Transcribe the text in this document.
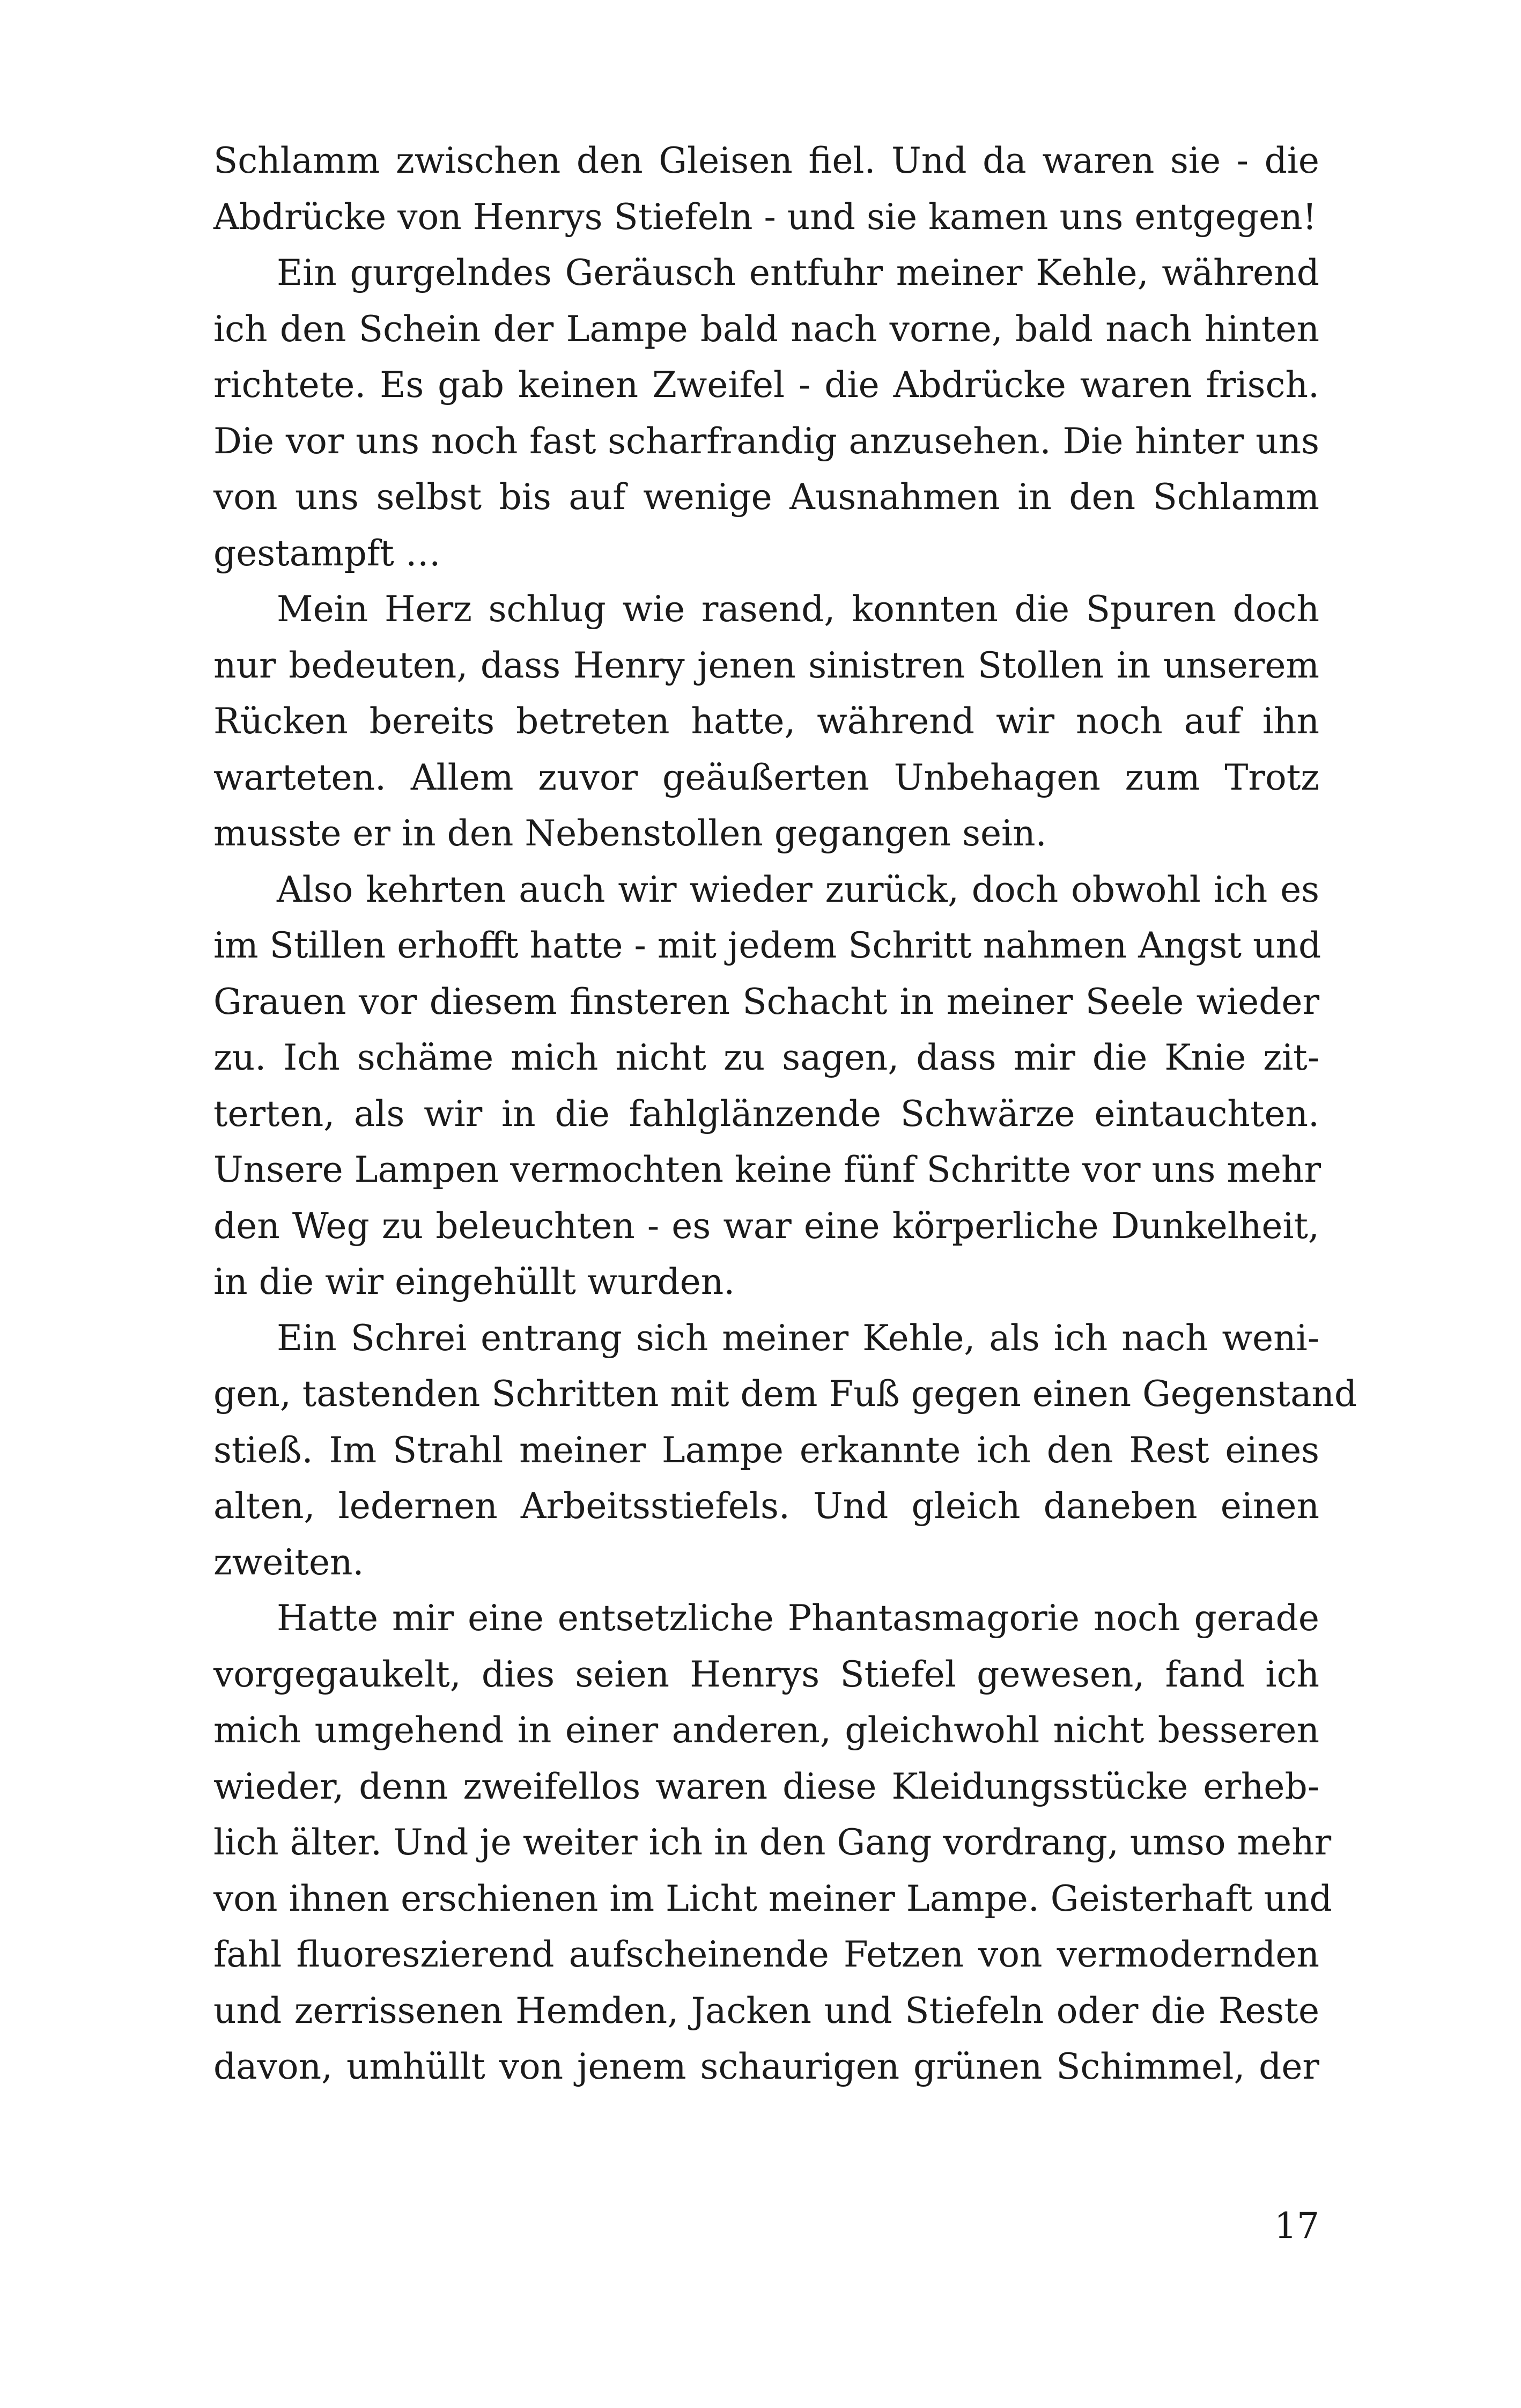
Schlamm zwischen den Gleisen fiel. Und da waren sie - die
Abdrücke von Henrys Stiefeln - und sie kamen uns entgegen!
Ein gurgelndes Geräusch entfuhr meiner Kehle, während
ich den Schein der Lampe bald nach vorne, bald nach hinten
richtete. Es gab keinen Zweifel - die Abdrücke waren frisch.
Die vor uns noch fast scharfrandig anzusehen. Die hinter uns
von uns selbst bis auf wenige Ausnahmen in den Schlamm
gestampft …
Mein Herz schlug wie rasend, konnten die Spuren doch
nur bedeuten, dass Henry jenen sinistren Stollen in unserem
Rücken bereits betreten hatte, während wir noch auf ihn
warteten. Allem zuvor geäußerten Unbehagen zum Trotz
musste er in den Nebenstollen gegangen sein.
Also kehrten auch wir wieder zurück, doch obwohl ich es
im Stillen erhofft hatte - mit jedem Schritt nahmen Angst und
Grauen vor diesem finsteren Schacht in meiner Seele wieder
zu. Ich schäme mich nicht zu sagen, dass mir die Knie zit-
terten, als wir in die fahlglänzende Schwärze eintauchten.
Unsere Lampen vermochten keine fünf Schritte vor uns mehr
den Weg zu beleuchten - es war eine körperliche Dunkelheit,
in die wir eingehüllt wurden.
Ein Schrei entrang sich meiner Kehle, als ich nach weni-
gen, tastenden Schritten mit dem Fuß gegen einen Gegenstand
stieß. Im Strahl meiner Lampe erkannte ich den Rest eines
alten, ledernen Arbeitsstiefels. Und gleich daneben einen
zweiten.
Hatte mir eine entsetzliche Phantasmagorie noch gerade
vorgegaukelt, dies seien Henrys Stiefel gewesen, fand ich
mich umgehend in einer anderen, gleichwohl nicht besseren
wieder, denn zweifellos waren diese Kleidungsstücke erheb-
lich älter. Und je weiter ich in den Gang vordrang, umso mehr
von ihnen erschienen im Licht meiner Lampe. Geisterhaft und
fahl fluoreszierend aufscheinende Fetzen von vermodernden
und zerrissenen Hemden, Jacken und Stiefeln oder die Reste
davon, umhüllt von jenem schaurigen grünen Schimmel, der
17
